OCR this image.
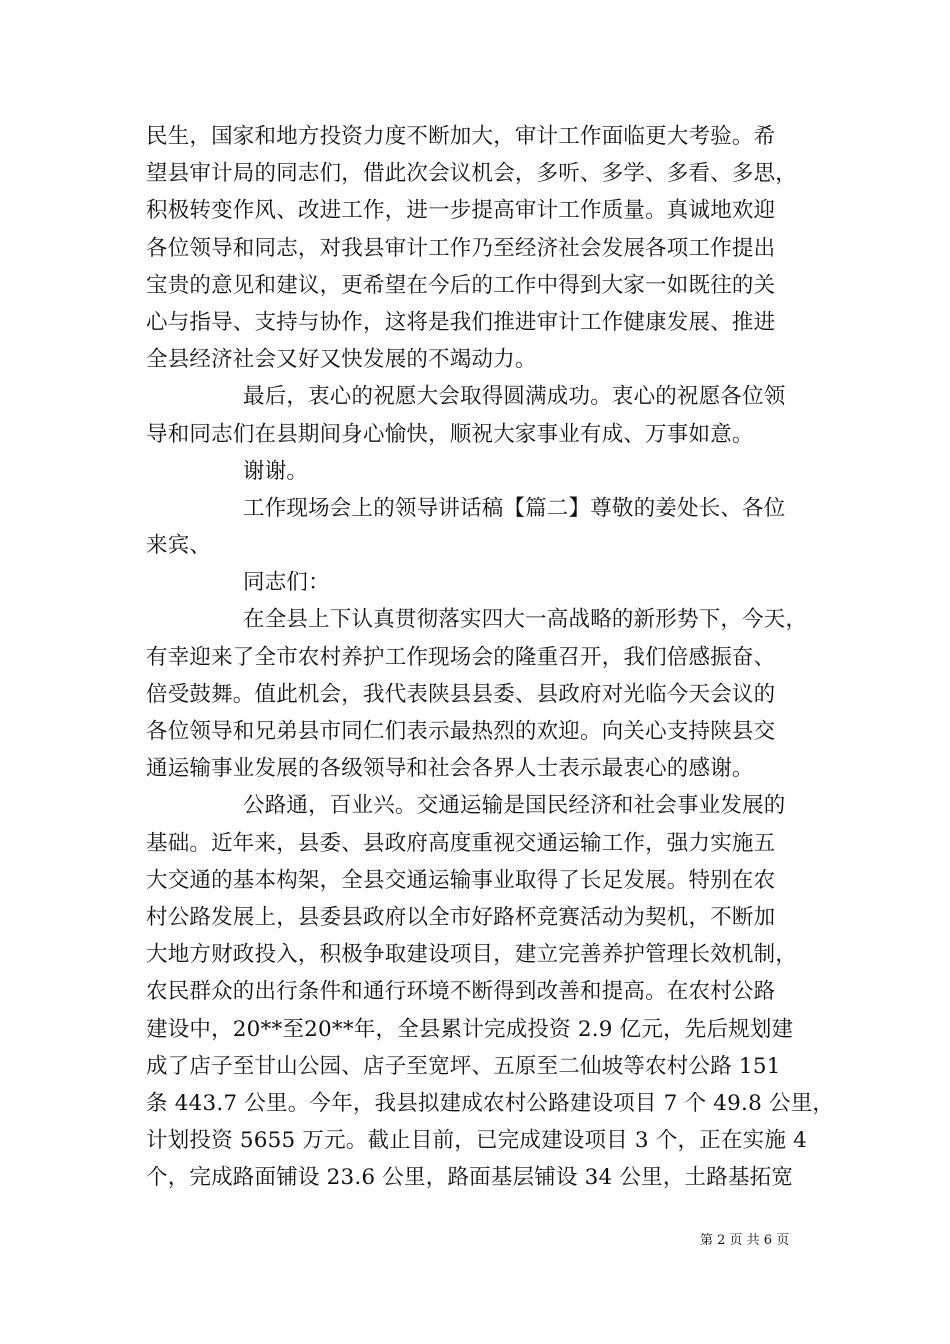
民生，国家和地方投资力度不断加大，审计工作面临更大考验。希
望县审计局的同志们，借此次会议机会，多听、多学、多看、多思，
积极转变作风、改进工作，进一步提高审计工作质量。真诚地欢迎
各位领导和同志，对我县审计工作乃至经济社会发展各项工作提出
宝贵的意见和建议，更希望在今后的工作中得到大家一如既往的关
心与指导、支持与协作，这将是我们推进审计工作健康发展、推进
全县经济社会又好又快发展的不竭动力。
最后，衷心的祝愿大会取得圆满成功。衷心的祝愿各位领
导和同志们在县期间身心愉快，顺祝大家事业有成、万事如意。
谢谢。
工作现场会上的领导讲话稿【篇二】尊敬的姜处长、各位
来宾、
同志们：
在全县上下认真贯彻落实四大一高战略的新形势下，今天，
有幸迎来了全市农村养护工作现场会的隆重召开，我们倍感振奋、
倍受鼓舞。值此机会，我代表陕县县委、县政府对光临今天会议的
各位领导和兄弟县市同仁们表示最热烈的欢迎。向关心支持陕县交
通运输事业发展的各级领导和社会各界人士表示最衷心的感谢。
公路通，百业兴。交通运输是国民经济和社会事业发展的
基础。近年来，县委、县政府高度重视交通运输工作，强力实施五
大交通的基本构架，全县交通运输事业取得了长足发展。特别在农
村公路发展上，县委县政府以全市好路杯竞赛活动为契机，不断加
大地方财政投入，积极争取建设项目，建立完善养护管理长效机制，
农民群众的出行条件和通行环境不断得到改善和提高。在农村公路
建设中，20**至20**年，全县累计完成投资 2.9 亿元，先后规划建
成了店子至甘山公园、店子至宽坪、五原至二仙坡等农村公路 151
条 443.7 公里。今年，我县拟建成农村公路建设项目 7 个 49.8 公里，
计划投资 5655 万元。截止目前，已完成建设项目 3 个，正在实施 4
个，完成路面铺设 23.6 公里，路面基层铺设 34 公里，土路基拓宽
第 2 页 共 6 页
